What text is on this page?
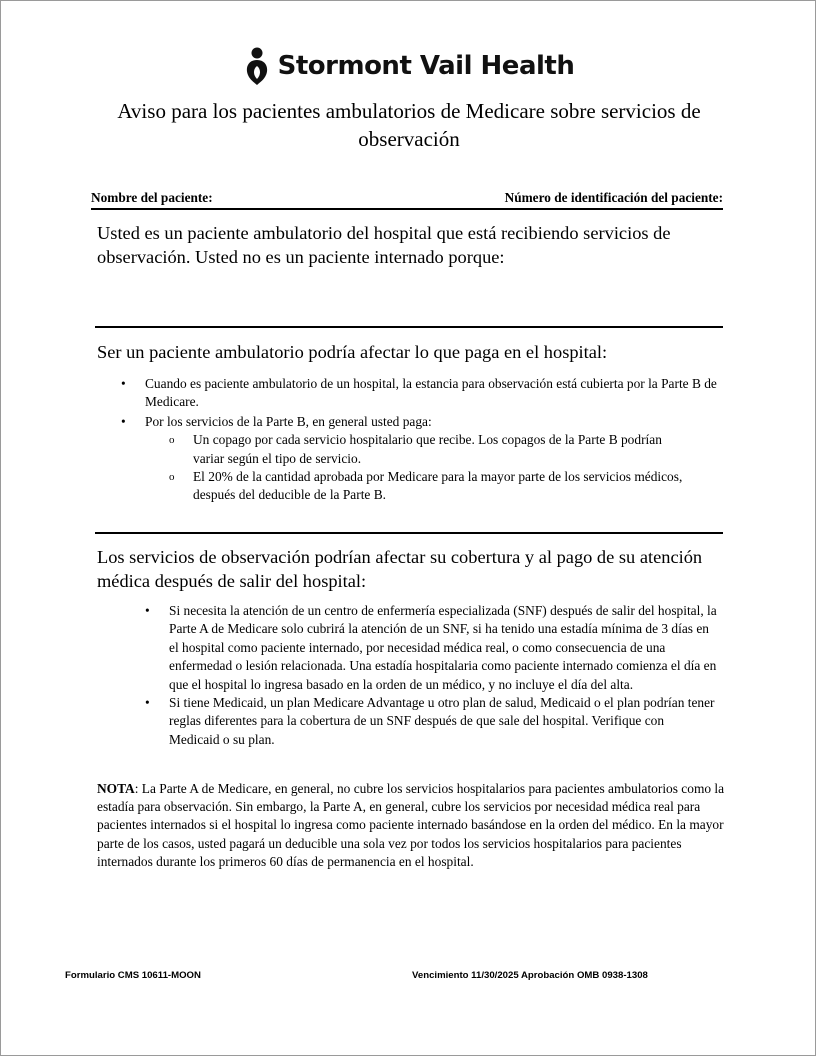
Stormont Vail Health
Aviso para los pacientes ambulatorios de Medicare sobre servicios de observación
Nombre del paciente:	Número de identificación del paciente:

Usted es un paciente ambulatorio del hospital que está recibiendo servicios de observación. Usted no es un paciente internado porque:

Ser un paciente ambulatorio podría afectar lo que paga en el hospital:

• Cuando es paciente ambulatorio de un hospital, la estancia para observación está cubierta por la Parte B de Medicare.
• Por los servicios de la Parte B, en general usted paga:
o Un copago por cada servicio hospitalario que recibe. Los copagos de la Parte B podrían variar según el tipo de servicio.
o El 20% de la cantidad aprobada por Medicare para la mayor parte de los servicios médicos, después del deducible de la Parte B.

Los servicios de observación podrían afectar su cobertura y al pago de su atención médica después de salir del hospital:

• Si necesita la atención de un centro de enfermería especializada (SNF) después de salir del hospital, la Parte A de Medicare solo cubrirá la atención de un SNF, si ha tenido una estadía mínima de 3 días en el hospital como paciente internado, por necesidad médica real, o como consecuencia de una enfermedad o lesión relacionada. Una estadía hospitalaria como paciente internado comienza el día en que el hospital lo ingresa basado en la orden de un médico, y no incluye el día del alta.
• Si tiene Medicaid, un plan Medicare Advantage u otro plan de salud, Medicaid o el plan podrían tener reglas diferentes para la cobertura de un SNF después de que sale del hospital. Verifique con Medicaid o su plan.

NOTA: La Parte A de Medicare, en general, no cubre los servicios hospitalarios para pacientes ambulatorios como la estadía para observación. Sin embargo, la Parte A, en general, cubre los servicios por necesidad médica real para pacientes internados si el hospital lo ingresa como paciente internado basándose en la orden del médico. En la mayor parte de los casos, usted pagará un deducible una sola vez por todos los servicios hospitalarios para pacientes internados durante los primeros 60 días de permanencia en el hospital.

Formulario CMS 10611-MOON	Vencimiento 11/30/2025 Aprobación OMB 0938-1308
